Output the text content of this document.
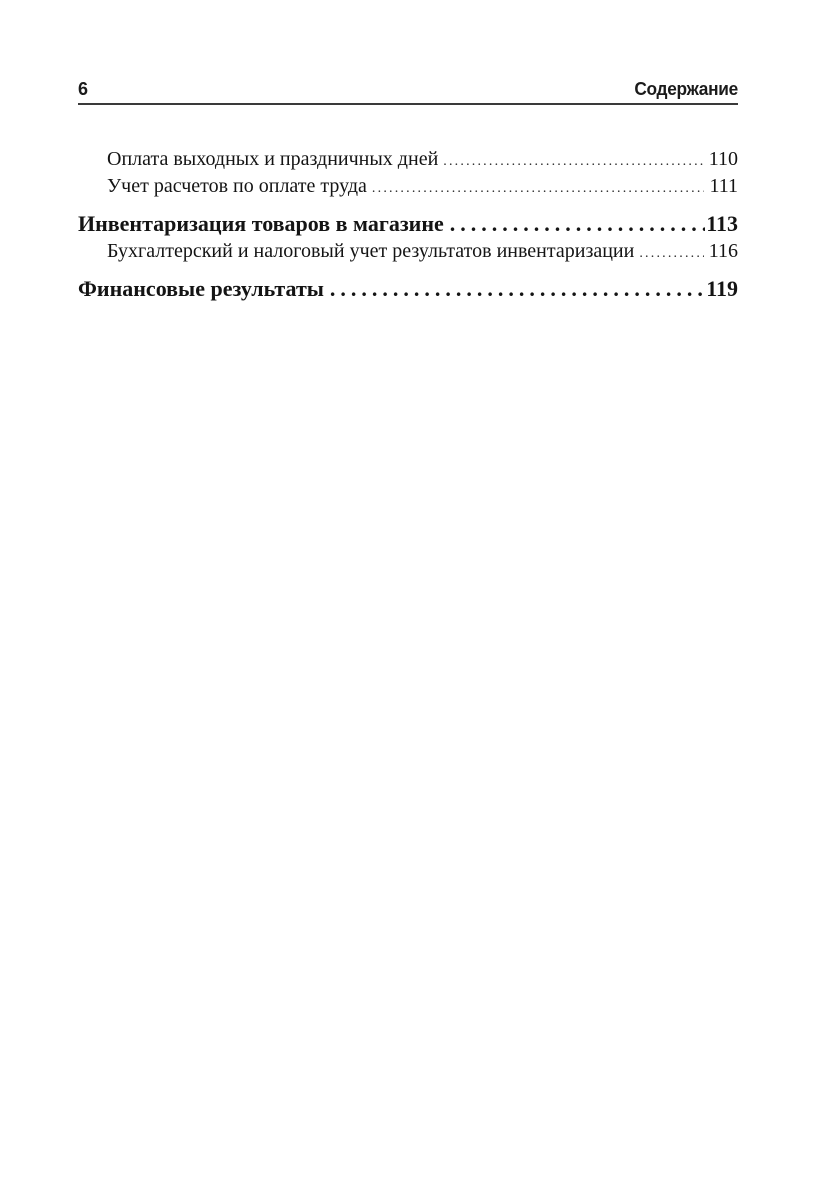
6	Содержание
Оплата выходных и праздничных дней .....	110
Учет расчетов по оплате труда .....	111
Инвентаризация товаров в магазине .....	113
Бухгалтерский и налоговый учет результатов инвентаризации .....	116
Финансовые результаты .....	119
